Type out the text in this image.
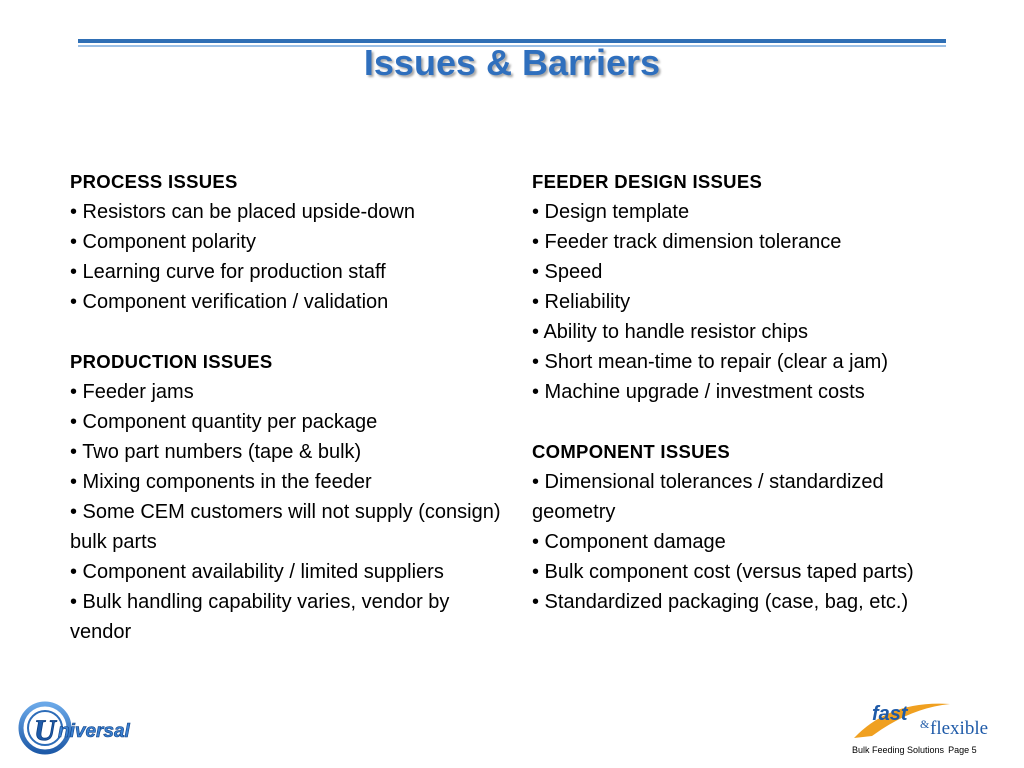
Issues & Barriers
PROCESS ISSUES
• Resistors can be placed upside-down
• Component polarity
• Learning curve for production staff
• Component verification / validation
PRODUCTION ISSUES
• Feeder jams
• Component quantity per package
• Two part numbers (tape & bulk)
• Mixing components in the feeder
• Some CEM customers will not supply (consign) bulk parts
• Component availability / limited suppliers
• Bulk handling capability varies, vendor by vendor
FEEDER DESIGN ISSUES
• Design template
• Feeder track dimension tolerance
• Speed
• Reliability
• Ability to handle resistor chips
• Short mean-time to repair (clear a jam)
• Machine upgrade / investment costs
COMPONENT ISSUES
• Dimensional tolerances / standardized geometry
• Component damage
• Bulk component cost (versus taped parts)
• Standardized packaging (case, bag, etc.)
U niversal
fast & flexible
Bulk Feeding Solutions Page 5
